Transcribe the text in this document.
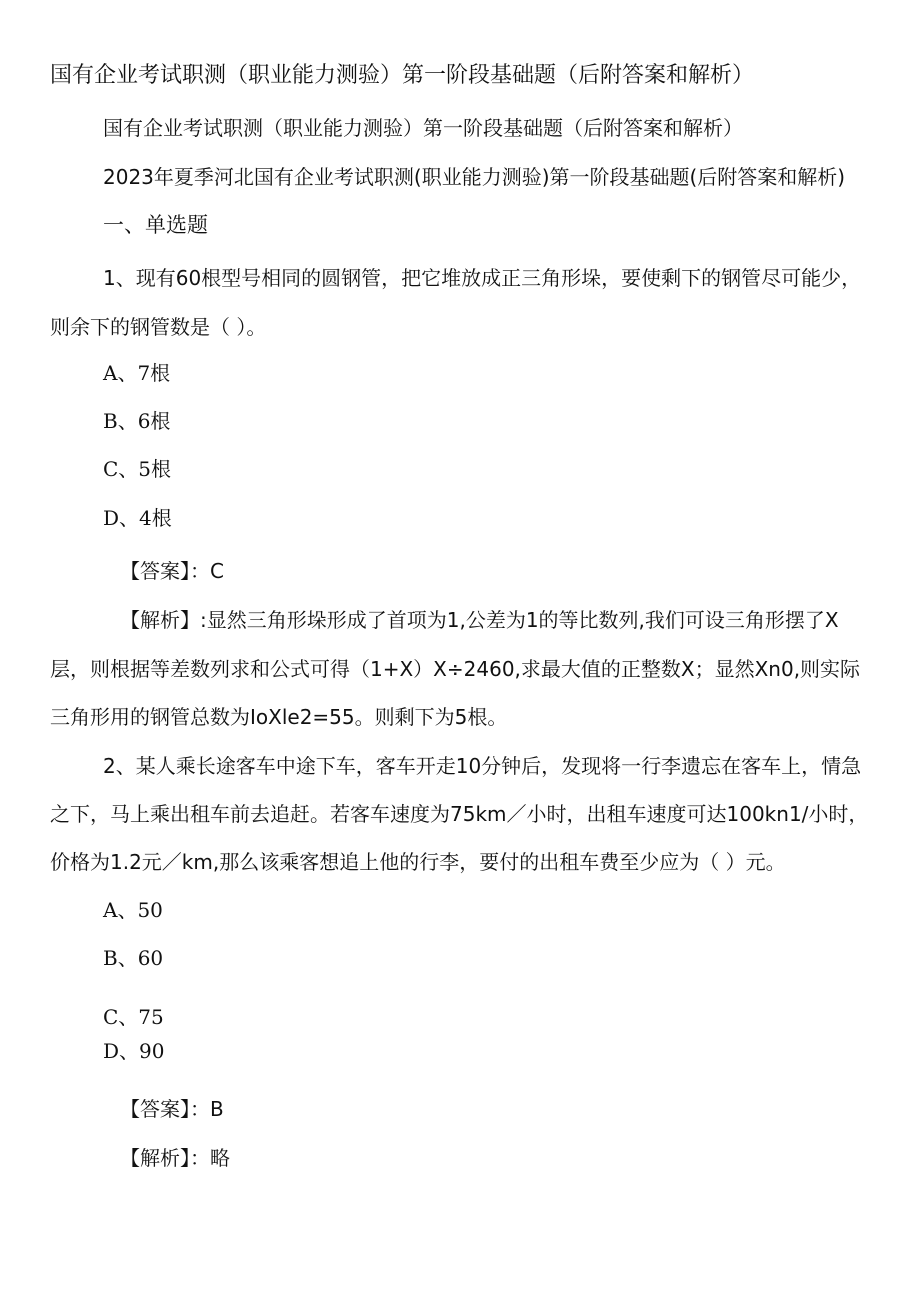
国有企业考试职测（职业能力测验）第一阶段基础题（后附答案和解析）
国有企业考试职测（职业能力测验）第一阶段基础题（后附答案和解析）
2023年夏季河北国有企业考试职测(职业能力测验)第一阶段基础题(后附答案和解析)
一、单选题
1、现有60根型号相同的圆钢管，把它堆放成正三角形垛，要使剩下的钢管尽可能少，
则余下的钢管数是（ ）。
A、7根
B、6根
C、5根
D、4根
【答案】：C
【解析】:显然三角形垛形成了首项为1,公差为1的等比数列,我们可设三角形摆了X
层，则根据等差数列求和公式可得（1+X）X÷2460,求最大值的正整数X；显然Xn0,则实际
三角形用的钢管总数为IoXle2=55。则剩下为5根。
2、某人乘长途客车中途下车，客车开走10分钟后，发现将一行李遗忘在客车上，情急
之下，马上乘出租车前去追赶。若客车速度为75km／小时，出租车速度可达100kn1/小时，
价格为1.2元／km,那么该乘客想追上他的行李，要付的出租车费至少应为（ ）元。
A、50
B、60
C、75
D、90
【答案】：B
【解析】：略
